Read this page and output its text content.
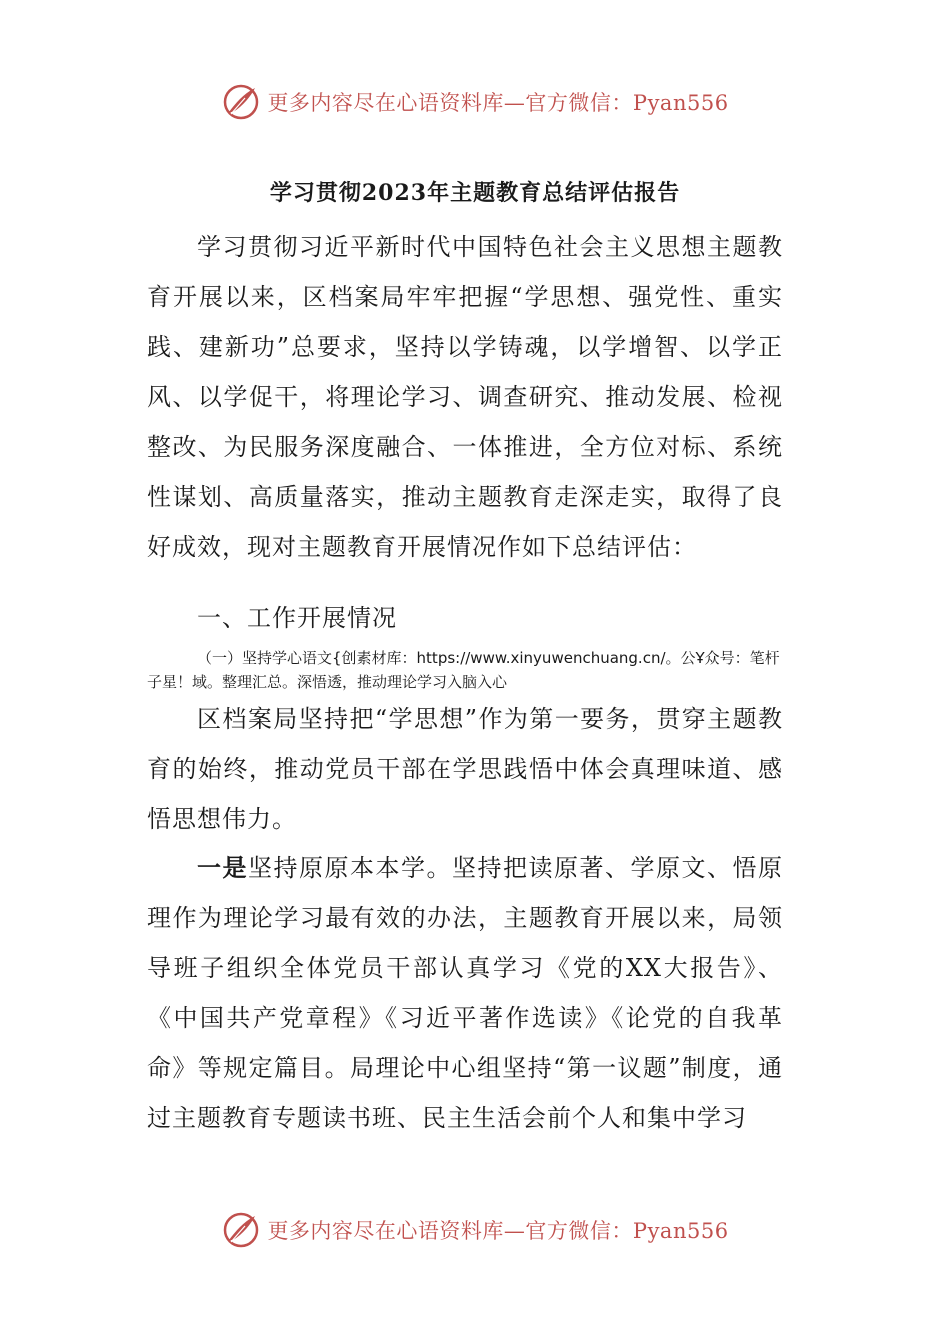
更多内容尽在心语资料库—官方微信：Pyan556
学习贯彻2023年主题教育总结评估报告

学习贯彻习近平新时代中国特色社会主义思想主题教育开展以来，区档案局牢牢把握“学思想、强党性、重实践、建新功”总要求，坚持以学铸魂，以学增智、以学正风、以学促干，将理论学习、调查研究、推动发展、检视整改、为民服务深度融合、一体推进，全方位对标、系统性谋划、高质量落实，推动主题教育走深走实，取得了良好成效，现对主题教育开展情况作如下总结评估：

一、工作开展情况

（一）坚持学心语文{创素材库：https://www.xinyuwenchuang.cn/。公Ұ众号：笔杆子星！域。整理汇总。深悟透，推动理论学习入脑入心

区档案局坚持把“学思想”作为第一要务，贯穿主题教育的始终，推动党员干部在学思践悟中体会真理味道、感悟思想伟力。

一是坚持原原本本学。坚持把读原著、学原文、悟原理作为理论学习最有效的办法，主题教育开展以来，局领导班子组织全体党员干部认真学习《党的XX大报告》、《中国共产党章程》《习近平著作选读》《论党的自我革命》等规定篇目。局理论中心组坚持“第一议题”制度，通过主题教育专题读书班、民主生活会前个人和集中学习

更多内容尽在心语资料库—官方微信：Pyan556
